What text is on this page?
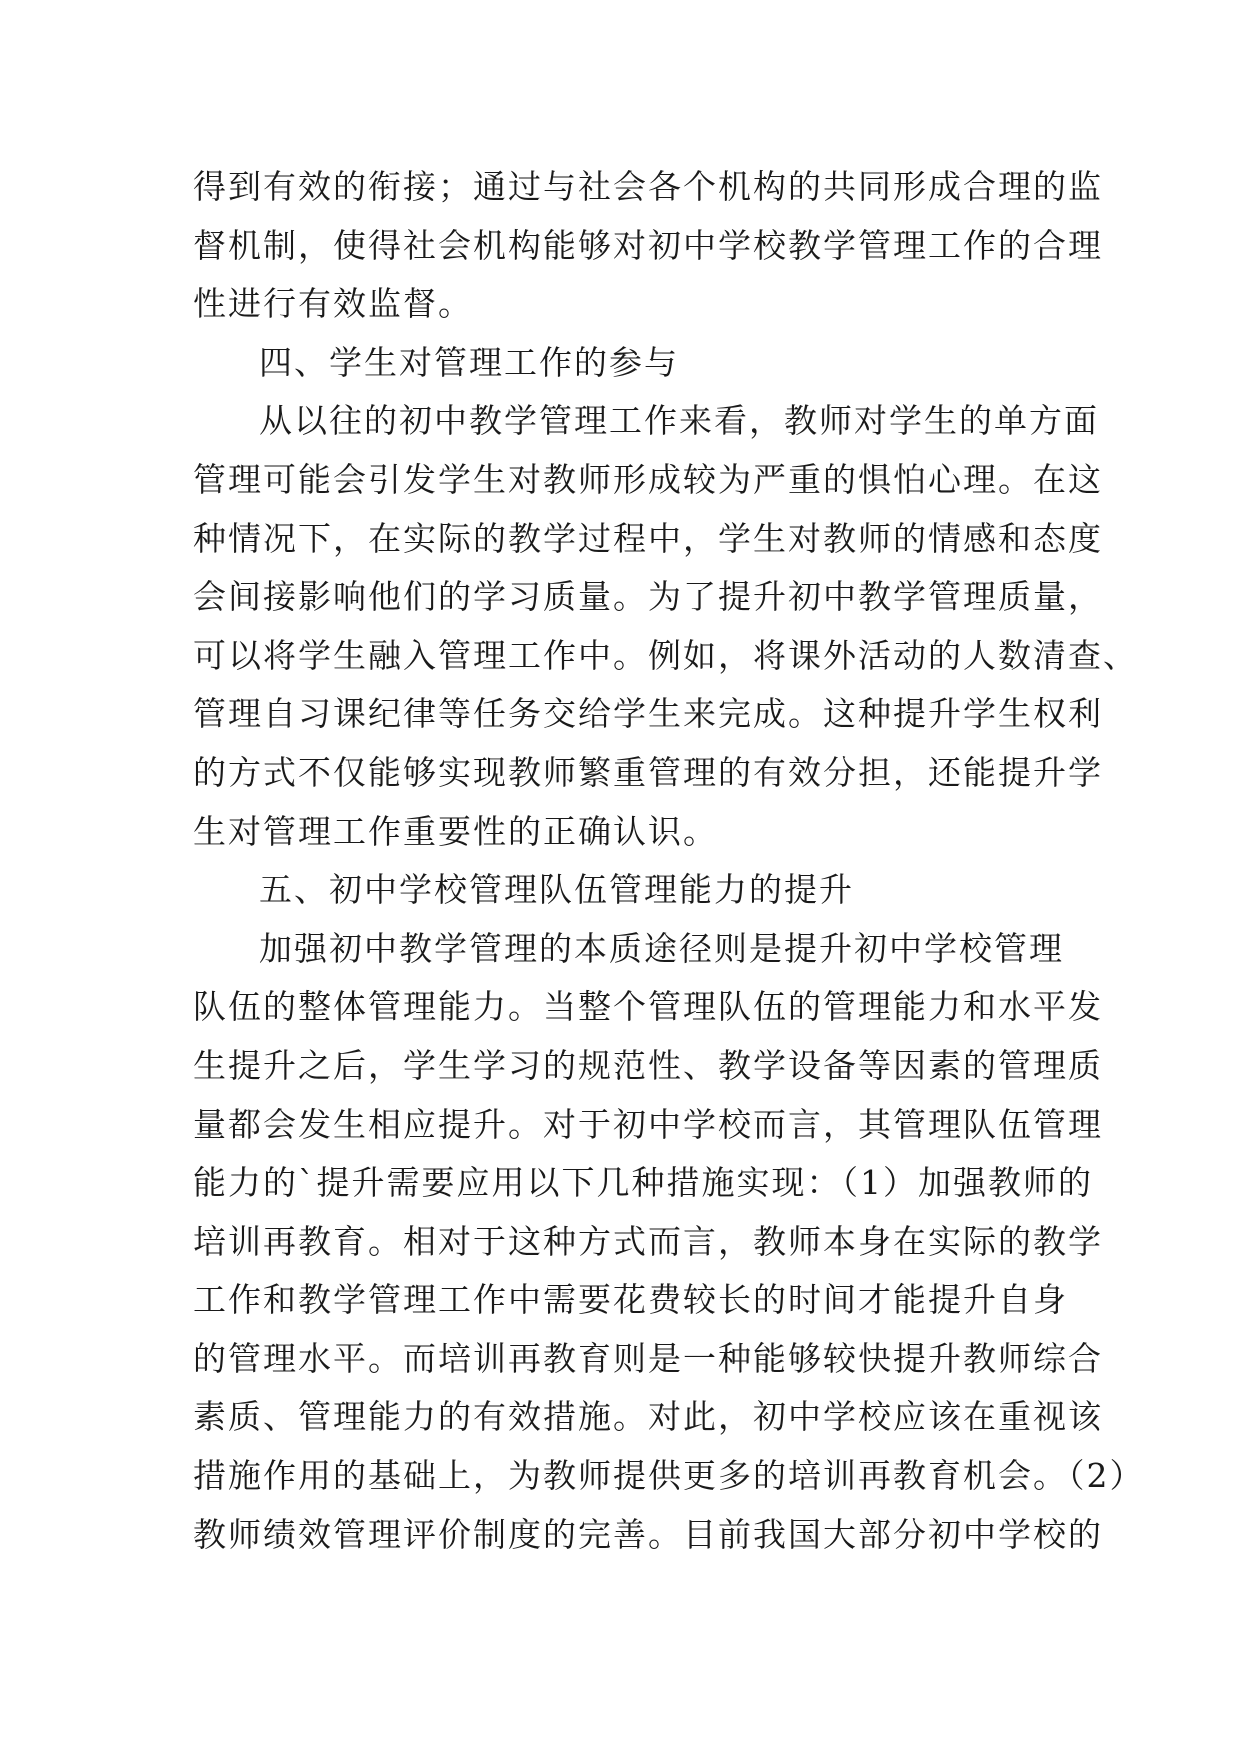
得到有效的衔接；通过与社会各个机构的共同形成合理的监
督机制，使得社会机构能够对初中学校教学管理工作的合理
性进行有效监督。
四、学生对管理工作的参与
从以往的初中教学管理工作来看，教师对学生的单方面
管理可能会引发学生对教师形成较为严重的惧怕心理。在这
种情况下，在实际的教学过程中，学生对教师的情感和态度
会间接影响他们的学习质量。为了提升初中教学管理质量，
可以将学生融入管理工作中。例如，将课外活动的人数清查、
管理自习课纪律等任务交给学生来完成。这种提升学生权利
的方式不仅能够实现教师繁重管理的有效分担，还能提升学
生对管理工作重要性的正确认识。
五、初中学校管理队伍管理能力的提升
加强初中教学管理的本质途径则是提升初中学校管理
队伍的整体管理能力。当整个管理队伍的管理能力和水平发
生提升之后，学生学习的规范性、教学设备等因素的管理质
量都会发生相应提升。对于初中学校而言，其管理队伍管理
能力的`提升需要应用以下几种措施实现：（1）加强教师的
培训再教育。相对于这种方式而言，教师本身在实际的教学
工作和教学管理工作中需要花费较长的时间才能提升自身
的管理水平。而培训再教育则是一种能够较快提升教师综合
素质、管理能力的有效措施。对此，初中学校应该在重视该
措施作用的基础上，为教师提供更多的培训再教育机会。（2）
教师绩效管理评价制度的完善。目前我国大部分初中学校的
